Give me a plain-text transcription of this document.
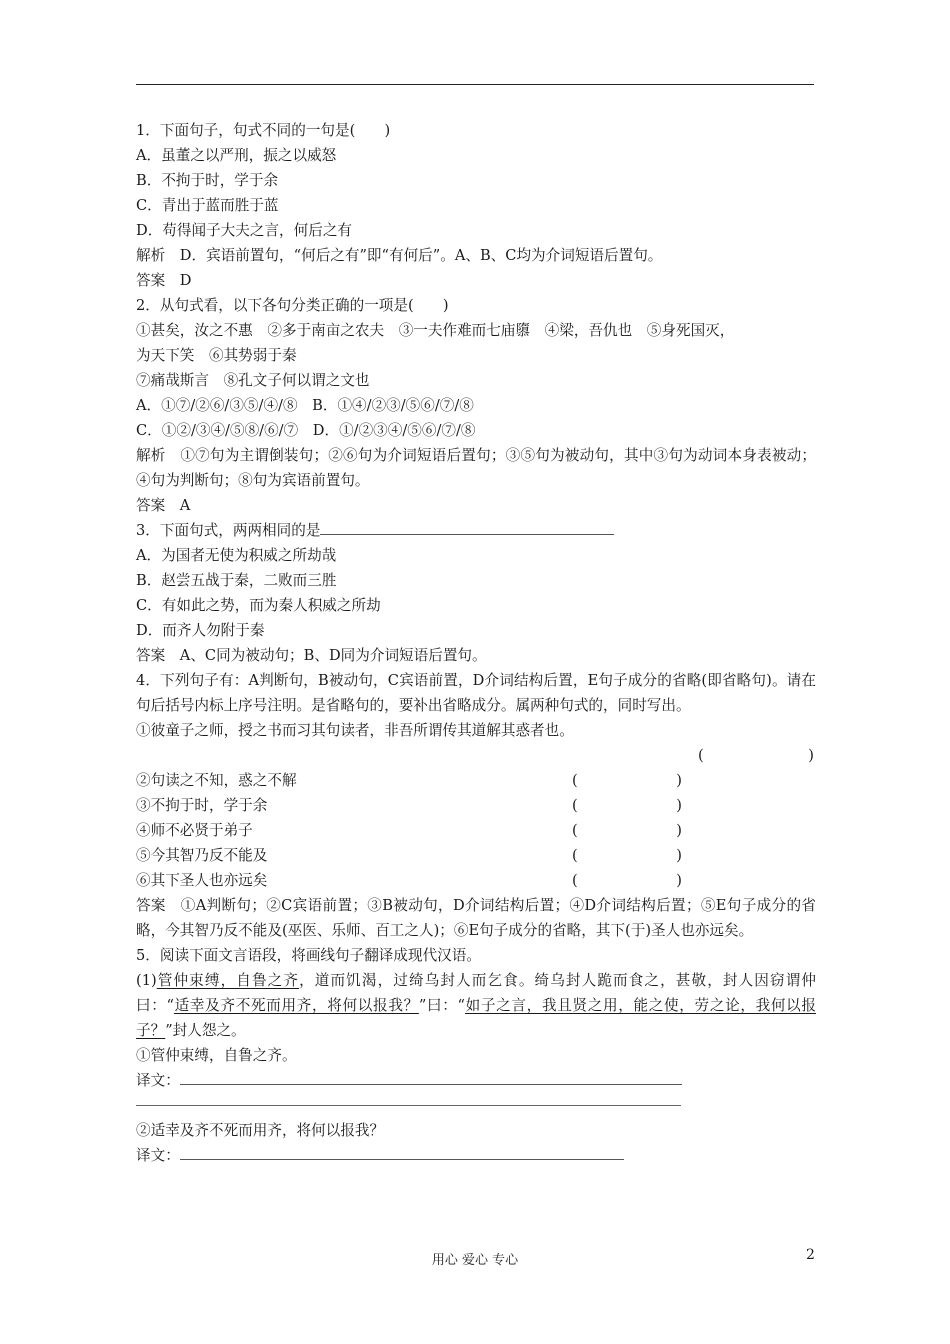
1．下面句子，句式不同的一句是(　　)
A．虽董之以严刑，振之以威怒
B．不拘于时，学于余
C．青出于蓝而胜于蓝
D．苟得闻子大夫之言，何后之有
解析　D．宾语前置句，“何后之有”即“有何后”。A、B、C均为介词短语后置句。
答案　D
2．从句式看，以下各句分类正确的一项是(　　)
①甚矣，汝之不惠　②多于南亩之农夫　③一夫作难而七庙隳　④梁，吾仇也　⑤身死国灭，
为天下笑　⑥其势弱于秦
⑦痛哉斯言　⑧孔文子何以谓之文也
A．①⑦/②⑥/③⑤/④/⑧　B．①④/②③/⑤⑥/⑦/⑧
C．①②/③④/⑤⑧/⑥/⑦　D．①/②③④/⑤⑥/⑦/⑧
解析　①⑦句为主谓倒装句；②⑥句为介词短语后置句；③⑤句为被动句，其中③句为动词本身表被动；④句为判断句；⑧句为宾语前置句。
答案　A
3．下面句式，两两相同的是
A．为国者无使为积威之所劫哉
B．赵尝五战于秦，二败而三胜
C．有如此之势，而为秦人积威之所劫
D．而齐人勿附于秦
答案　A、C同为被动句；B、D同为介词短语后置句。
4．下列句子有：A判断句，B被动句，C宾语前置，D介词结构后置，E句子成分的省略(即省略句)。请在句后括号内标上序号注明。是省略句的，要补出省略成分。属两种句式的，同时写出。
①彼童子之师，授之书而习其句读者，非吾所谓传其道解其惑者也。
(	)
②句读之不知，惑之不解	(	)
③不拘于时，学于余	(	)
④师不必贤于弟子	(	)
⑤今其智乃反不能及	(	)
⑥其下圣人也亦远矣	(	)
答案　①A判断句；②C宾语前置；③B被动句，D介词结构后置；④D介词结构后置；⑤E句子成分的省略，今其智乃反不能及(巫医、乐师、百工之人)；⑥E句子成分的省略，其下(于)圣人也亦远矣。
5．阅读下面文言语段，将画线句子翻译成现代汉语。
(1)管仲束缚，自鲁之齐，道而饥渴，过绮乌封人而乞食。绮乌封人跪而食之，甚敬，封人因窃谓仲曰：“适幸及齐不死而用齐，将何以报我？”曰：“如子之言，我且贤之用，能之使，劳之论，我何以报子？”封人怨之。
①管仲束缚，自鲁之齐。
译文：
②适幸及齐不死而用齐，将何以报我？
译文：
用心 爱心 专心	2
